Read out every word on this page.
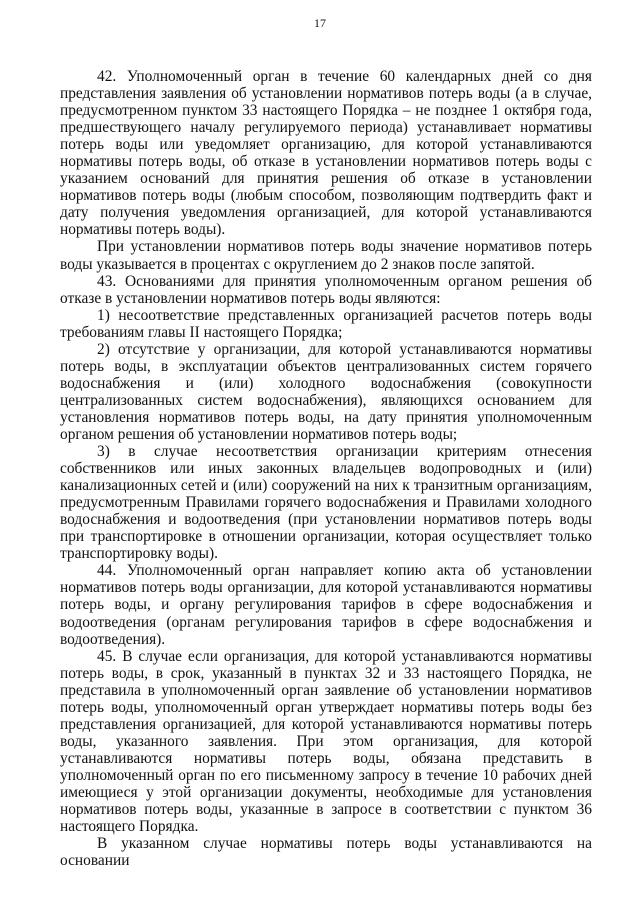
17

42. Уполномоченный орган в течение 60 календарных дней со дня представления заявления об установлении нормативов потерь воды (а в случае, предусмотренном пунктом 33 настоящего Порядка – не позднее 1 октября года, предшествующего началу регулируемого периода) устанавливает нормативы потерь воды или уведомляет организацию, для которой устанавливаются нормативы потерь воды, об отказе в установлении нормативов потерь воды с указанием оснований для принятия решения об отказе в установлении нормативов потерь воды (любым способом, позволяющим подтвердить факт и дату получения уведомления организацией, для которой устанавливаются нормативы потерь воды).

При установлении нормативов потерь воды значение нормативов потерь воды указывается в процентах с округлением до 2 знаков после запятой.

43. Основаниями для принятия уполномоченным органом решения об отказе в установлении нормативов потерь воды являются:

1) несоответствие представленных организацией расчетов потерь воды требованиям главы II настоящего Порядка;

2) отсутствие у организации, для которой устанавливаются нормативы потерь воды, в эксплуатации объектов централизованных систем горячего водоснабжения и (или) холодного водоснабжения (совокупности централизованных систем водоснабжения), являющихся основанием для установления нормативов потерь воды, на дату принятия уполномоченным органом решения об установлении нормативов потерь воды;

3) в случае несоответствия организации критериям отнесения собственников или иных законных владельцев водопроводных и (или) канализационных сетей и (или) сооружений на них к транзитным организациям, предусмотренным Правилами горячего водоснабжения и Правилами холодного водоснабжения и водоотведения (при установлении нормативов потерь воды при транспортировке в отношении организации, которая осуществляет только транспортировку воды).

44. Уполномоченный орган направляет копию акта об установлении нормативов потерь воды организации, для которой устанавливаются нормативы потерь воды, и органу регулирования тарифов в сфере водоснабжения и водоотведения (органам регулирования тарифов в сфере водоснабжения и водоотведения).

45. В случае если организация, для которой устанавливаются нормативы потерь воды, в срок, указанный в пунктах 32 и 33 настоящего Порядка, не представила в уполномоченный орган заявление об установлении нормативов потерь воды, уполномоченный орган утверждает нормативы потерь воды без представления организацией, для которой устанавливаются нормативы потерь воды, указанного заявления. При этом организация, для которой устанавливаются нормативы потерь воды, обязана представить в уполномоченный орган по его письменному запросу в течение 10 рабочих дней имеющиеся у этой организации документы, необходимые для установления нормативов потерь воды, указанные в запросе в соответствии с пунктом 36 настоящего Порядка.

В указанном случае нормативы потерь воды устанавливаются на основании
